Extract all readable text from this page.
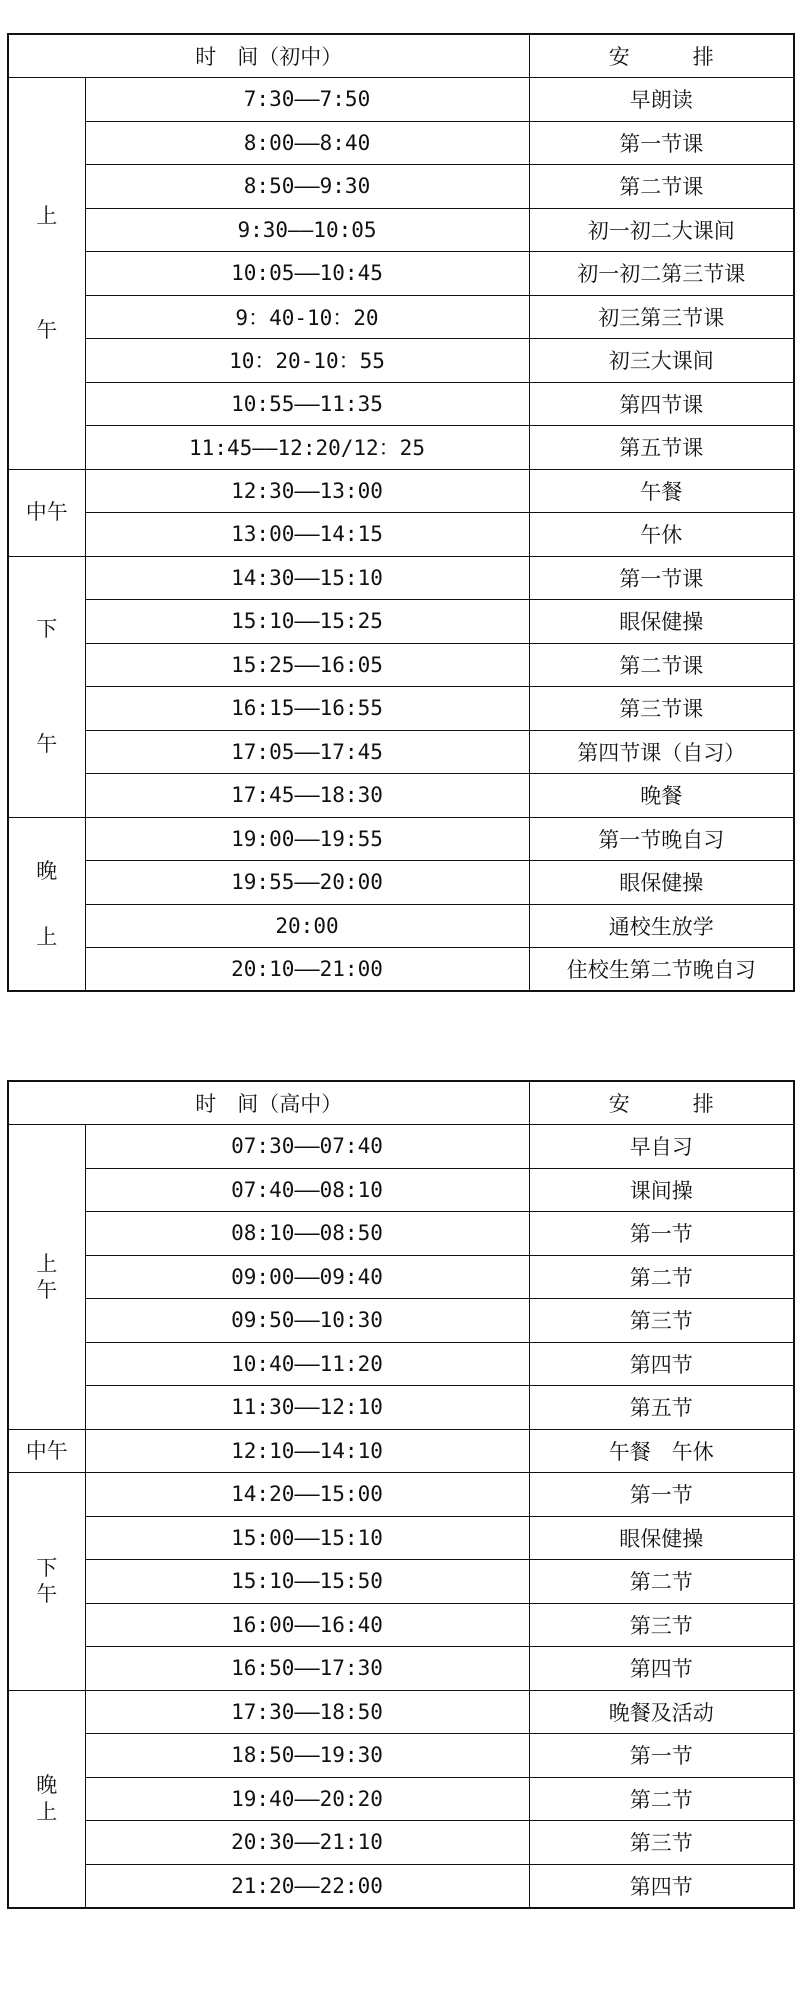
时　间（初中）		安　　　排

上
午	7:30——7:50	早朗读
	8:00——8:40	第一节课
	8:50——9:30	第二节课
	9:30——10:05	初一初二大课间
	10:05——10:45	初一初二第三节课
	9：40-10：20	初三第三节课
	10：20-10：55	初三大课间
	10:55——11:35	第四节课
	11:45——12:20/12：25	第五节课

中午	12:30——13:00	午餐
	13:00——14:15	午休

下
午	14:30——15:10	第一节课
	15:10——15:25	眼保健操
	15:25——16:05	第二节课
	16:15——16:55	第三节课
	17:05——17:45	第四节课（自习）
	17:45——18:30	晚餐

晚
上	19:00——19:55	第一节晚自习
	19:55——20:00	眼保健操
	20:00	通校生放学
	20:10——21:00	住校生第二节晚自习
时　间（高中）		安　　　排

上
午	07:30——07:40	早自习
	07:40——08:10	课间操
	08:10——08:50	第一节
	09:00——09:40	第二节
	09:50——10:30	第三节
	10:40——11:20	第四节
	11:30——12:10	第五节

中午	12:10——14:10	午餐　午休

下
午	14:20——15:00	第一节
	15:00——15:10	眼保健操
	15:10——15:50	第二节
	16:00——16:40	第三节
	16:50——17:30	第四节

晚
上	17:30——18:50	晚餐及活动
	18:50——19:30	第一节
	19:40——20:20	第二节
	20:30——21:10	第三节
	21:20——22:00	第四节
